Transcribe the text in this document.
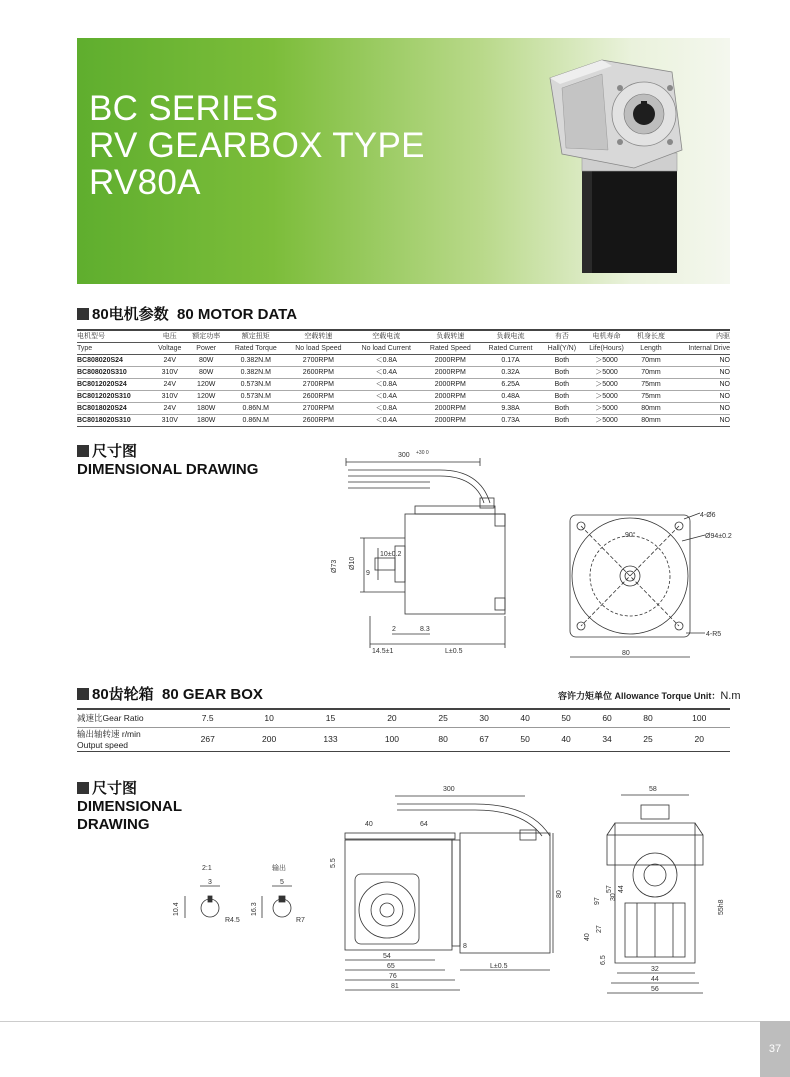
BC SERIES
RV GEARBOX TYPE
RV80A
80电机参数 80 MOTOR DATA
电机型号	电压	额定功率	额定扭矩	空载转速	空载电流	负载转速	负载电流	有否	电机寿命	机身长度	内驱
Type	Voltage	Power	Rated Torque	No load Speed	No load Current	Rated Speed	Rated Current	Hall(Y/N)	Life(Hours)	Length	Internal Drive
BC808020S24	24V	80W	0.382N.M	2700RPM	＜0.8A	2000RPM	0.17A	Both	＞5000	70mm	NO
BC808020S310	310V	80W	0.382N.M	2600RPM	＜0.4A	2000RPM	0.32A	Both	＞5000	70mm	NO
BC8012020S24	24V	120W	0.573N.M	2700RPM	＜0.8A	2000RPM	6.25A	Both	＞5000	75mm	NO
BC8012020S310	310V	120W	0.573N.M	2600RPM	＜0.4A	2000RPM	0.48A	Both	＞5000	75mm	NO
BC8018020S24	24V	180W	0.86N.M	2700RPM	＜0.8A	2000RPM	9.38A	Both	＞5000	80mm	NO
BC8018020S310	310V	180W	0.86N.M	2600RPM	＜0.4A	2000RPM	0.73A	Both	＞5000	80mm	NO
尺寸图
DIMENSIONAL DRAWING
300 +30 0
10±0.2
9
Ø73 Ø10
2	8.3
14.5±1	L±0.5
4-Ø6
Ø94±0.2
90°
4-R5
80
80齿轮箱 80 GEAR BOX	容许力矩单位 Allowance Torque Unit：N.m
减速比Gear Ratio	7.5	10	15	20	25	30	40	50	60	80	100

输出轴转速 r/min
Output speed	267	200	133	100	80	67	50	40	34	25	20
尺寸图
DIMENSIONAL
DRAWING
2:1
3
10.4
R4.5
输出
5
16.3
R7
300
40	64
5.5
80
8
54
65
76
81
L±0.5
58
57 44
30
97
40
27
6.5
55h8
32
44
56
37
